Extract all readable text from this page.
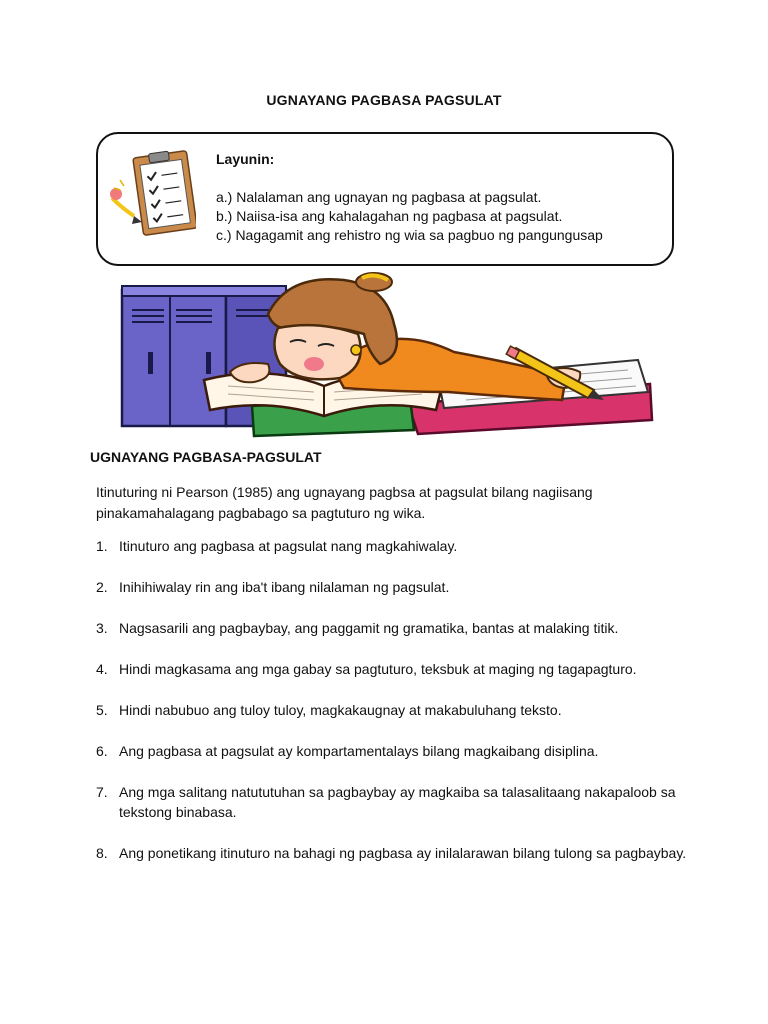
UGNAYANG PAGBASA PAGSULAT
Layunin:
a.) Nalalaman ang ugnayan ng pagbasa at pagsulat.
b.) Naiisa-isa ang kahalagahan ng pagbasa at pagsulat.
c.) Nagagamit ang rehistro ng wia sa pagbuo ng pangungusap
UGNAYANG PAGBASA-PAGSULAT
Itinuturing ni Pearson (1985) ang ugnayang pagbsa at pagsulat bilang nagiisang pinakamahalagang pagbabago sa pagtuturo ng wika.
1. Itinuturo ang pagbasa at pagsulat nang magkahiwalay.
2. Inihihiwalay rin ang iba't ibang nilalaman ng pagsulat.
3. Nagsasarili ang pagbaybay, ang paggamit ng gramatika, bantas at malaking titik.
4. Hindi magkasama ang mga gabay sa pagtuturo, teksbuk at maging ng tagapagturo.
5. Hindi nabubuo ang tuloy tuloy, magkakaugnay at makabuluhang teksto.
6. Ang pagbasa at pagsulat ay kompartamentalays bilang magkaibang disiplina.
7. Ang mga salitang natututuhan sa pagbaybay ay magkaiba sa talasalitaang nakapaloob sa tekstong binabasa.
8. Ang ponetikang itinuturo na bahagi ng pagbasa ay inilalarawan bilang tulong sa pagbaybay.
